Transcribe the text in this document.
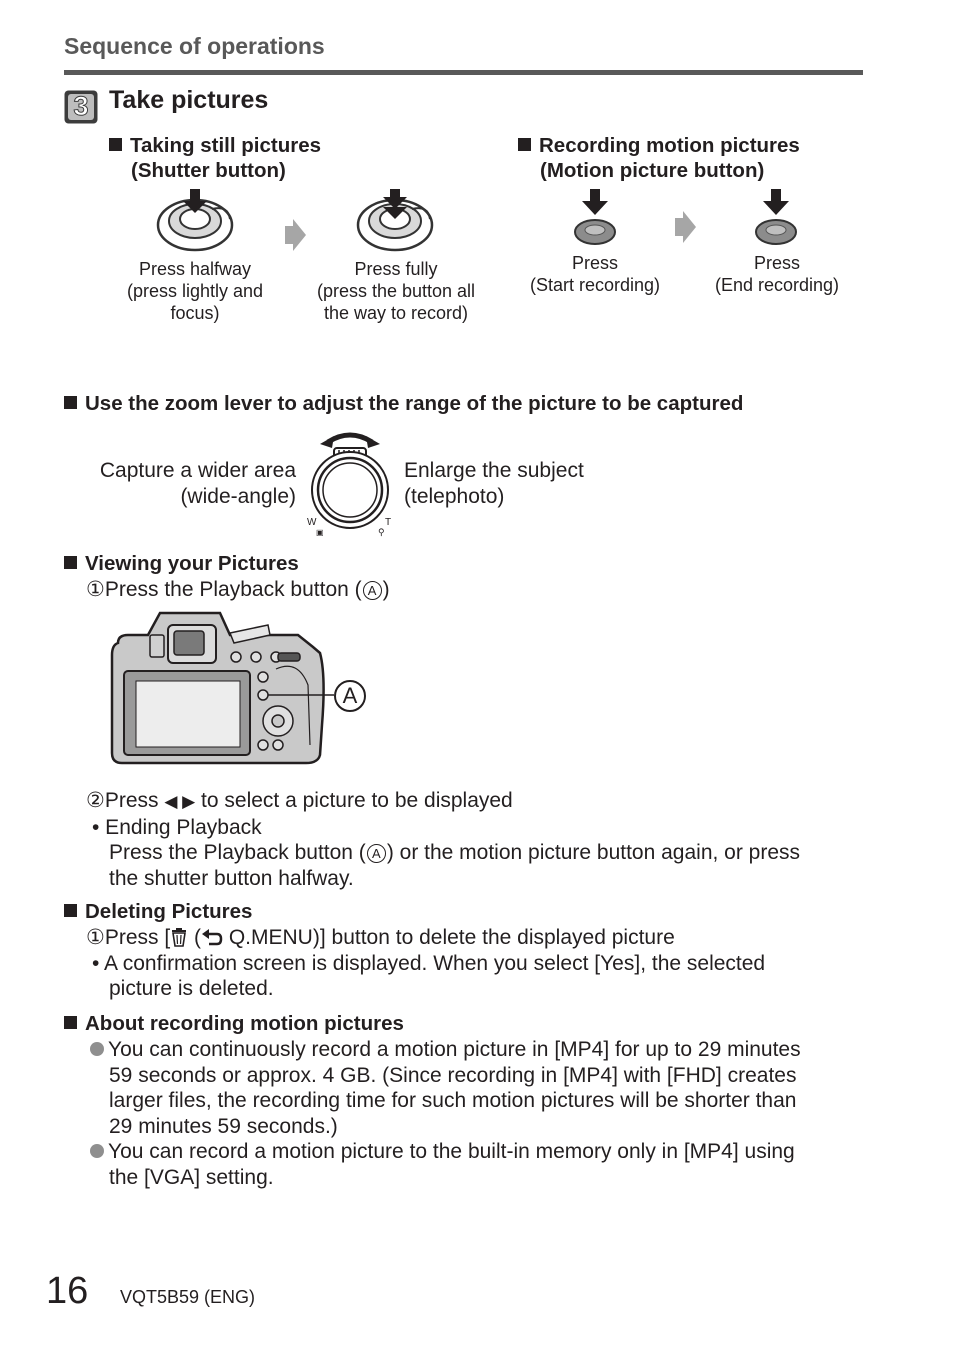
Sequence of operations
3 Take pictures
Taking still pictures
(Shutter button)
Press halfway
(press lightly and
focus)
Press fully
(press the button all
the way to record)
Recording motion pictures
(Motion picture button)
Press
(Start recording)
Press
(End recording)
Use the zoom lever to adjust the range of the picture to be captured
Capture a wider area
(wide-angle)
W
▣
T
⚲
Enlarge the subject
(telephoto)
Viewing your Pictures
①Press the Playback button ( A )
A
②Press ◀ ▶ to select a picture to be displayed
• Ending Playback
Press the Playback button ( A ) or the motion picture button again, or press
the shutter button halfway.
Deleting Pictures
①Press [ ( Q.MENU)] button to delete the displayed picture
• A confirmation screen is displayed. When you select [Yes], the selected
picture is deleted.
About recording motion pictures
You can continuously record a motion picture in [MP4] for up to 29 minutes
59 seconds or approx. 4 GB. (Since recording in [MP4] with [FHD] creates
larger files, the recording time for such motion pictures will be shorter than
29 minutes 59 seconds.)
You can record a motion picture to the built-in memory only in [MP4] using
the [VGA] setting.
16 VQT5B59 (ENG)
